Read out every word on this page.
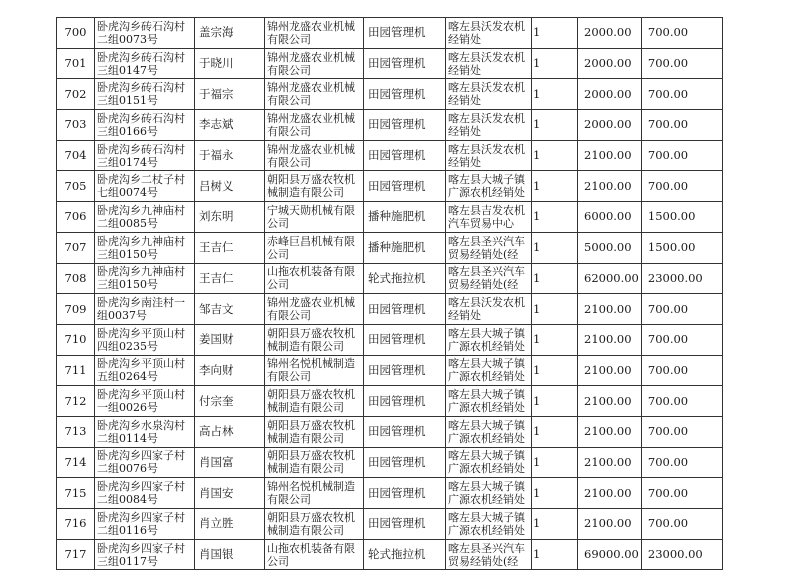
700	卧虎沟乡砖石沟村二组0073号	盖宗海	锦州龙盛农业机械有限公司	田园管理机	喀左县沃发农机经销处	1	2000.00	700.00
701	卧虎沟乡砖石沟村三组0147号	于晓川	锦州龙盛农业机械有限公司	田园管理机	喀左县沃发农机经销处	1	2000.00	700.00
702	卧虎沟乡砖石沟村三组0151号	于福宗	锦州龙盛农业机械有限公司	田园管理机	喀左县沃发农机经销处	1	2000.00	700.00
703	卧虎沟乡砖石沟村三组0166号	李志斌	锦州龙盛农业机械有限公司	田园管理机	喀左县沃发农机经销处	1	2000.00	700.00
704	卧虎沟乡砖石沟村三组0174号	于福永	锦州龙盛农业机械有限公司	田园管理机	喀左县沃发农机经销处	1	2100.00	700.00
705	卧虎沟乡二杖子村七组0074号	吕树义	朝阳县万盛农牧机械制造有限公司	田园管理机	喀左县大城子镇广源农机经销处	1	2100.00	700.00
706	卧虎沟乡九神庙村二组0085号	刘东明	宁城天勋机械有限公司	播种施肥机	喀左县吉发农机汽车贸易中心	1	6000.00	1500.00
707	卧虎沟乡九神庙村三组0150号	王吉仁	赤峰巨昌机械有限公司	播种施肥机	喀左县圣兴汽车贸易经销处(经	1	5000.00	1500.00
708	卧虎沟乡九神庙村三组0150号	王吉仁	山拖农机装备有限公司	轮式拖拉机	喀左县圣兴汽车贸易经销处(经	1	62000.00	23000.00
709	卧虎沟乡南洼村一组0037号	邹吉文	锦州龙盛农业机械有限公司	田园管理机	喀左县沃发农机经销处	1	2100.00	700.00
710	卧虎沟乡平顶山村四组0235号	姜国财	朝阳县万盛农牧机械制造有限公司	田园管理机	喀左县大城子镇广源农机经销处	1	2100.00	700.00
711	卧虎沟乡平顶山村五组0264号	李向财	锦州名悦机械制造有限公司	田园管理机	喀左县大城子镇广源农机经销处	1	2100.00	700.00
712	卧虎沟乡平顶山村一组0026号	付宗奎	朝阳县万盛农牧机械制造有限公司	田园管理机	喀左县大城子镇广源农机经销处	1	2100.00	700.00
713	卧虎沟乡水泉沟村二组0114号	高占林	朝阳县万盛农牧机械制造有限公司	田园管理机	喀左县大城子镇广源农机经销处	1	2100.00	700.00
714	卧虎沟乡四家子村二组0076号	肖国富	朝阳县万盛农牧机械制造有限公司	田园管理机	喀左县大城子镇广源农机经销处	1	2100.00	700.00
715	卧虎沟乡四家子村二组0084号	肖国安	锦州名悦机械制造有限公司	田园管理机	喀左县大城子镇广源农机经销处	1	2100.00	700.00
716	卧虎沟乡四家子村二组0116号	肖立胜	朝阳县万盛农牧机械制造有限公司	田园管理机	喀左县大城子镇广源农机经销处	1	2100.00	700.00
717	卧虎沟乡四家子村三组0117号	肖国银	山拖农机装备有限公司	轮式拖拉机	喀左县圣兴汽车贸易经销处(经	1	69000.00	23000.00
